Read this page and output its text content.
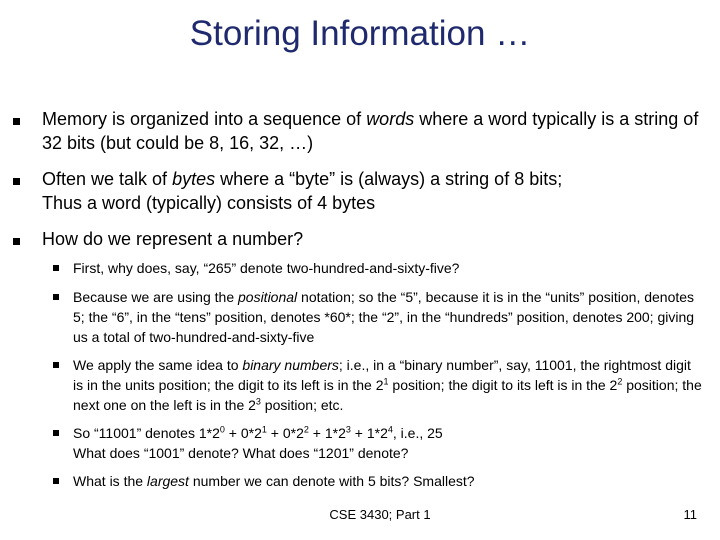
Storing Information …
Memory is organized into a sequence of words where a word typically is a string of 32 bits (but could be 8, 16, 32, …)
Often we talk of bytes where a “byte” is (always) a string of 8 bits;
Thus a word (typically) consists of 4 bytes
How do we represent a number?
First, why does, say, “265” denote two-hundred-and-sixty-five?
Because we are using the positional notation; so the “5”, because it is in the “units” position, denotes 5; the “6”, in the “tens” position, denotes *60*; the “2”, in the “hundreds” position, denotes 200; giving us a total of two-hundred-and-sixty-five
We apply the same idea to binary numbers; i.e., in a “binary number”, say, 11001, the rightmost digit is in the units position; the digit to its left is in the $2^1$ position; the digit to its left is in the $2^2$ position; the next one on the left is in the $2^3$ position; etc.
So “11001” denotes $1*2^0 + 0*2^1 + 0*2^2 + 1*2^3 + 1*2^4$, i.e., 25
What does “1001” denote? What does “1201” denote?
What is the largest number we can denote with 5 bits? Smallest?
CSE 3430; Part 1	11
